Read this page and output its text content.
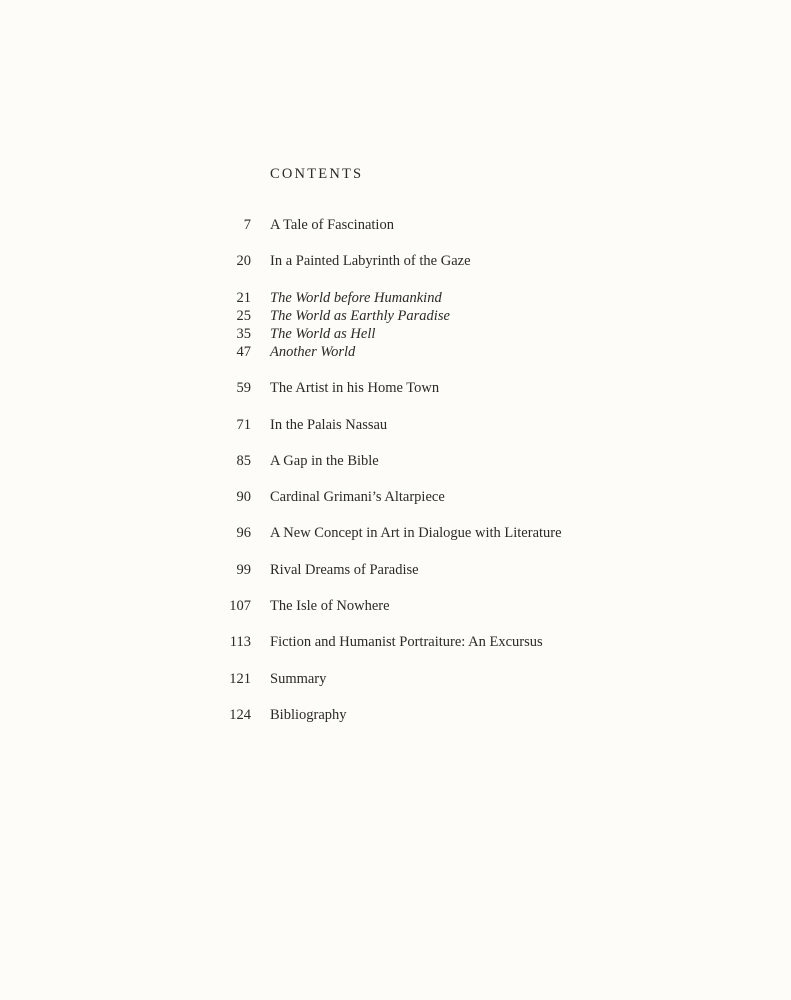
CONTENTS
7 A Tale of Fascination
20 In a Painted Labyrinth of the Gaze
21 The World before Humankind
25 The World as Earthly Paradise
35 The World as Hell
47 Another World
59 The Artist in his Home Town
71 In the Palais Nassau
85 A Gap in the Bible
90 Cardinal Grimani’s Altarpiece
96 A New Concept in Art in Dialogue with Literature
99 Rival Dreams of Paradise
107 The Isle of Nowhere
113 Fiction and Humanist Portraiture: An Excursus
121 Summary
124 Bibliography
